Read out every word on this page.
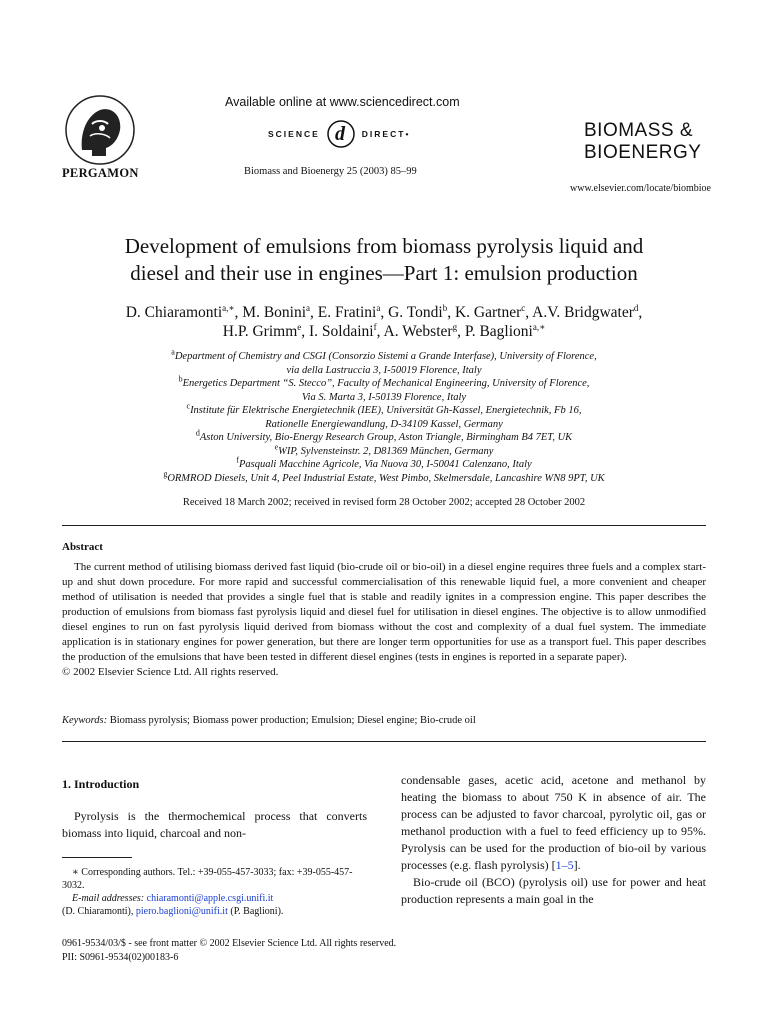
PERGAMON
Available online at www.sciencedirect.com
SCIENCE d DIRECT •
Biomass and Bioenergy 25 (2003) 85–99
BIOMASS &
BIOENERGY
www.elsevier.com/locate/biombioe
Development of emulsions from biomass pyrolysis liquid and
diesel and their use in engines—Part 1: emulsion production
D. Chiaramonti$^{a,∗}$, M. Bonini$^a$, E. Fratini$^a$, G. Tondi$^b$, K. Gartner$^c$, A.V. Bridgwater$^d$,
H.P. Grimm$^e$, I. Soldaini$^f$, A. Webster$^g$, P. Baglioni$^{a,∗}$
$^a$Department of Chemistry and CSGI (Consorzio Sistemi a Grande Interfase), University of Florence,
via della Lastruccia 3, I-50019 Florence, Italy
$^b$Energetics Department “S. Stecco”, Faculty of Mechanical Engineering, University of Florence,
Via S. Marta 3, I-50139 Florence, Italy
$^c$Institute für Elektrische Energietechnik (IEE), Universität Gh-Kassel, Energietechnik, Fb 16,
Rationelle Energiewandlung, D-34109 Kassel, Germany
$^d$Aston University, Bio-Energy Research Group, Aston Triangle, Birmingham B4 7ET, UK
$^e$WIP, Sylvensteinstr. 2, D81369 München, Germany
$^f$Pasquali Macchine Agricole, Via Nuova 30, I-50041 Calenzano, Italy
$^g$ORMROD Diesels, Unit 4, Peel Industrial Estate, West Pimbo, Skelmersdale, Lancashire WN8 9PT, UK
Received 18 March 2002; received in revised form 28 October 2002; accepted 28 October 2002
Abstract
The current method of utilising biomass derived fast liquid (bio-crude oil or bio-oil) in a diesel engine requires three fuels and a complex start-up and shut down procedure. For more rapid and successful commercialisation of this renewable liquid fuel, a more convenient and cheaper method of utilisation is needed that provides a single fuel that is stable and readily ignites in a compression engine. This paper describes the production of emulsions from biomass fast pyrolysis liquid and diesel fuel for utilisation in diesel engines. The objective is to allow unmodified diesel engines to run on fast pyrolysis liquid derived from biomass without the cost and complexity of a dual fuel system. The immediate application is in stationary engines for power generation, but there are longer term opportunities for use as a transport fuel. This paper describes the production of the emulsions that have been tested in different diesel engines (tests in engines is reported in a separate paper).
© 2002 Elsevier Science Ltd. All rights reserved.
Keywords: Biomass pyrolysis; Biomass power production; Emulsion; Diesel engine; Bio-crude oil
1. Introduction
Pyrolysis is the thermochemical process that converts biomass into liquid, charcoal and non-
∗ Corresponding authors. Tel.: +39-055-457-3033; fax: +39-055-457-3032.
E-mail addresses: chiaramonti@apple.csgi.unifi.it
(D. Chiaramonti), piero.baglioni@unifi.it (P. Baglioni).

condensable gases, acetic acid, acetone and methanol by heating the biomass to about 750 K in absence of air. The process can be adjusted to favor charcoal, pyrolytic oil, gas or methanol production with a fuel to feed efficiency up to 95%. Pyrolysis can be used for the production of bio-oil by various processes (e.g. flash pyrolysis) [1–5].

Bio-crude oil (BCO) (pyrolysis oil) use for power and heat production represents a main goal in the

0961-9534/03/$ - see front matter © 2002 Elsevier Science Ltd. All rights reserved.
PII: S0961-9534(02)00183-6
